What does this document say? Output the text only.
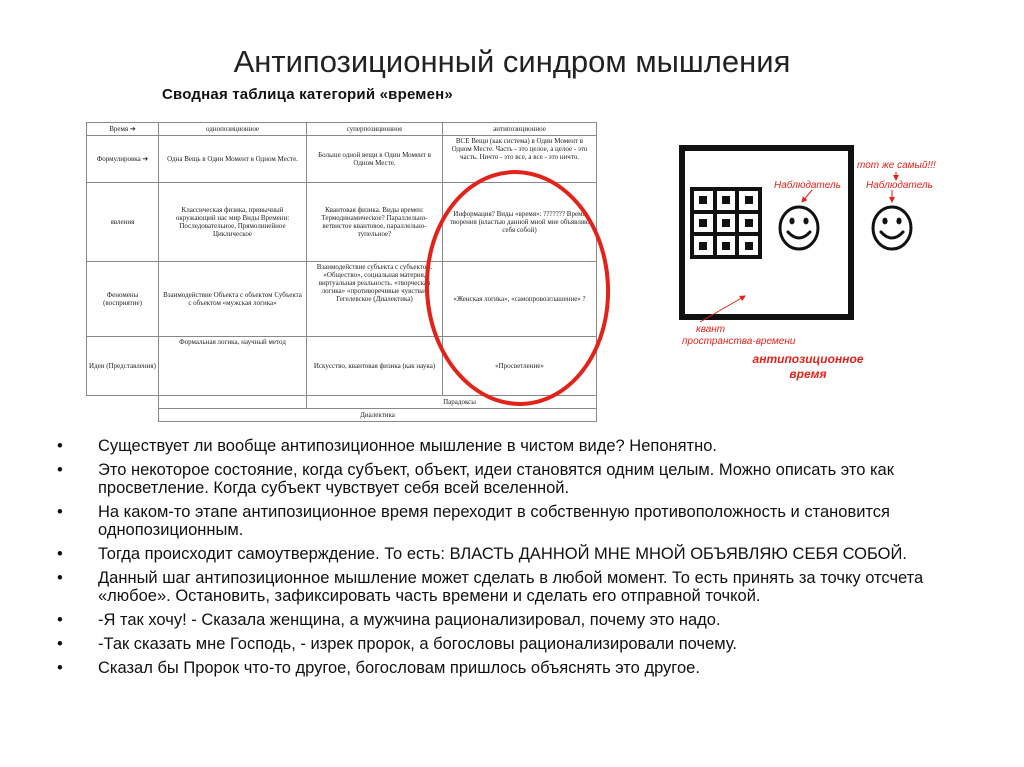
Антипозиционный синдром мышления
Сводная таблица категорий «времен»
Время ➔	однопозиционное	суперпозиционное	антипозиционное
Формулировка ➔	Одна Вещь в Один Момент в Одном Месте.	Больше одной вещи в Один Момент в Одном Месте.	ВСЕ Вещи (как система) в Один Момент в Одном Месте. Часть - это целое, а целое - это часть. Ничто - это все, а все - это ничто.
явления	Классическая физика, привычный окружающий нас мир Виды Времени: Последовательное, Прямолинейное Циклическое	Квантовая физика. Виды времен: Термодинамическое? Параллельно-ветвистое квантовое, параллельно-тупельное?	Информация? Виды «время»: ??????? Время творения (властью данной мной мне объявляю себя собой)
Феномены (восприятие)	Взаимодействие Объекта с объектом Субъекта с объектом «мужская логика»	Взаимодействие субъекта с субъектом. «Общество», социальная материя, виртуальная реальность. «творческая логика» «противоречивые чувства» Гегелевское (Диалектика)	«Женская логика», «самопровозглашение» ?
Идеи (Представления)	Формальная логика, научный метод	Искусство, квантовая физика (как наука)	«Просветление»
		Парадоксы	
	Диалектика		
тот же самый!!!
Наблюдатель	Наблюдатель
квант
пространства-времени
антипозиционное
время
• Существует ли вообще антипозиционное мышление в чистом виде? Непонятно.
• Это некоторое состояние, когда субъект, объект, идеи становятся одним целым. Можно описать это как просветление. Когда субъект чувствует себя всей вселенной.
• На каком-то этапе антипозиционное время переходит в собственную противоположность и становится однопозиционным.
• Тогда происходит самоутверждение. То есть: ВЛАСТЬ ДАННОЙ МНЕ МНОЙ ОБЪЯВЛЯЮ СЕБЯ СОБОЙ.
• Данный шаг антипозиционное мышление может сделать в любой момент. То есть принять за точку отсчета «любое». Остановить, зафиксировать часть времени и сделать его отправной точкой.
• -Я так хочу! - Сказала женщина, а мужчина рационализировал, почему это надо.
• -Так сказать мне Господь, - изрек пророк, а богословы рационализировали почему.
• Сказал бы Пророк что-то другое, богословам пришлось объяснять это другое.
